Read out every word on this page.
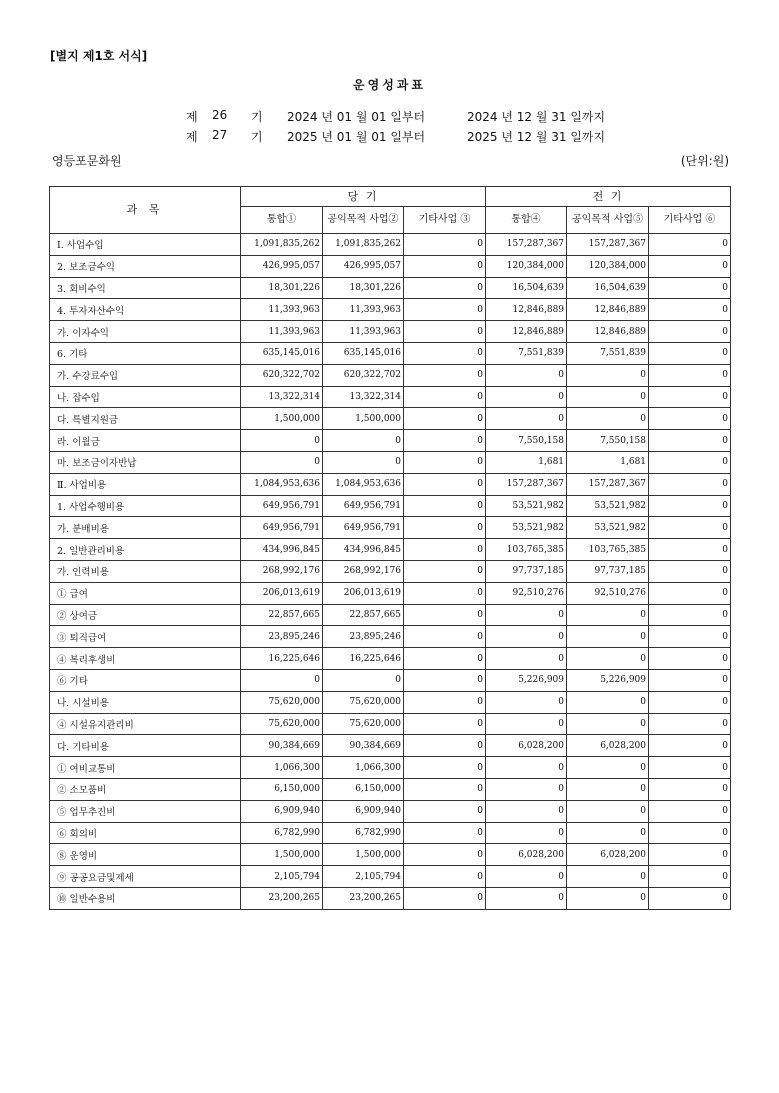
[별지 제1호 서식]
운영성과표
제 26 기 2024 년 01 월 01 일부터	2024 년 12 월 31 일까지
제 27 기 2025 년 01 월 01 일부터	2025 년 12 월 31 일까지
영등포문화원	(단위:원)
과 목	당 기			전 기		
	통합①	공익목적 사업②	기타사업 ③	통합④	공익목적 사업⑤	기타사업 ⑥
Ⅰ. 사업수입	1,091,835,262	1,091,835,262	0	157,287,367	157,287,367	0
2. 보조금수익	426,995,057	426,995,057	0	120,384,000	120,384,000	0
3. 회비수익	18,301,226	18,301,226	0	16,504,639	16,504,639	0
4. 투자자산수익	11,393,963	11,393,963	0	12,846,889	12,846,889	0
가. 이자수익	11,393,963	11,393,963	0	12,846,889	12,846,889	0
6. 기타	635,145,016	635,145,016	0	7,551,839	7,551,839	0
가. 수강료수입	620,322,702	620,322,702	0	0	0	0
나. 잡수입	13,322,314	13,322,314	0	0	0	0
다. 특별지원금	1,500,000	1,500,000	0	0	0	0
라. 이월금	0	0	0	7,550,158	7,550,158	0
마. 보조금이자반납	0	0	0	1,681	1,681	0
Ⅱ. 사업비용	1,084,953,636	1,084,953,636	0	157,287,367	157,287,367	0
1. 사업수행비용	649,956,791	649,956,791	0	53,521,982	53,521,982	0
가. 분배비용	649,956,791	649,956,791	0	53,521,982	53,521,982	0
2. 일반관리비용	434,996,845	434,996,845	0	103,765,385	103,765,385	0
가. 인력비용	268,992,176	268,992,176	0	97,737,185	97,737,185	0
① 급여	206,013,619	206,013,619	0	92,510,276	92,510,276	0
② 상여금	22,857,665	22,857,665	0	0	0	0
③ 퇴직급여	23,895,246	23,895,246	0	0	0	0
④ 복리후생비	16,225,646	16,225,646	0	0	0	0
⑥ 기타	0	0	0	5,226,909	5,226,909	0
나. 시설비용	75,620,000	75,620,000	0	0	0	0
④ 시설유지관리비	75,620,000	75,620,000	0	0	0	0
다. 기타비용	90,384,669	90,384,669	0	6,028,200	6,028,200	0
① 여비교통비	1,066,300	1,066,300	0	0	0	0
② 소모품비	6,150,000	6,150,000	0	0	0	0
⑤ 업무추진비	6,909,940	6,909,940	0	0	0	0
⑥ 회의비	6,782,990	6,782,990	0	0	0	0
⑧ 운영비	1,500,000	1,500,000	0	6,028,200	6,028,200	0
⑨ 공공요금및제세	2,105,794	2,105,794	0	0	0	0
⑩ 일반수용비	23,200,265	23,200,265	0	0	0	0
